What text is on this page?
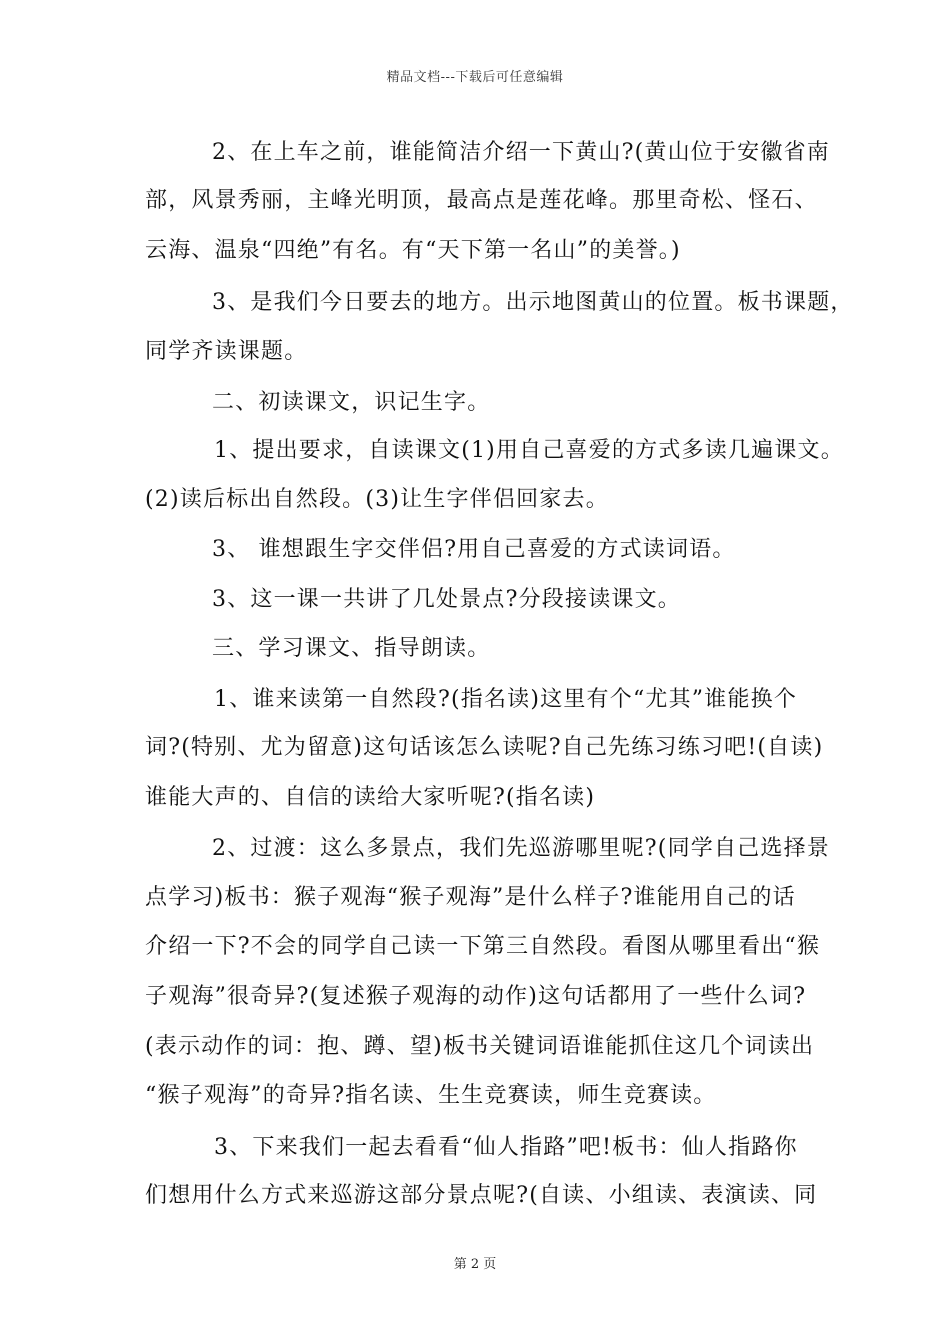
精品文档---下载后可任意编辑
2、在上车之前，谁能简洁介绍一下黄山?(黄山位于安徽省南
部，风景秀丽，主峰光明顶，最高点是莲花峰。那里奇松、怪石、
云海、温泉“四绝”有名。有“天下第一名山”的美誉。)
3、是我们今日要去的地方。出示地图黄山的位置。板书课题，
同学齐读课题。
二、初读课文，识记生字。
1、提出要求，自读课文(1)用自己喜爱的方式多读几遍课文。
(2)读后标出自然段。(3)让生字伴侣回家去。
3、 谁想跟生字交伴侣?用自己喜爱的方式读词语。
3、这一课一共讲了几处景点?分段接读课文。
三、学习课文、指导朗读。
1、谁来读第一自然段?(指名读)这里有个“尤其”谁能换个
词?(特别、尤为留意)这句话该怎么读呢?自己先练习练习吧!(自读)
谁能大声的、自信的读给大家听呢?(指名读)
2、过渡：这么多景点，我们先巡游哪里呢?(同学自己选择景
点学习)板书：猴子观海“猴子观海”是什么样子?谁能用自己的话
介绍一下?不会的同学自己读一下第三自然段。看图从哪里看出“猴
子观海”很奇异?(复述猴子观海的动作)这句话都用了一些什么词?
(表示动作的词：抱、蹲、望)板书关键词语谁能抓住这几个词读出
“猴子观海”的奇异?指名读、生生竞赛读，师生竞赛读。
3、下来我们一起去看看“仙人指路”吧!板书：仙人指路你
们想用什么方式来巡游这部分景点呢?(自读、小组读、表演读、同
第 2 页
